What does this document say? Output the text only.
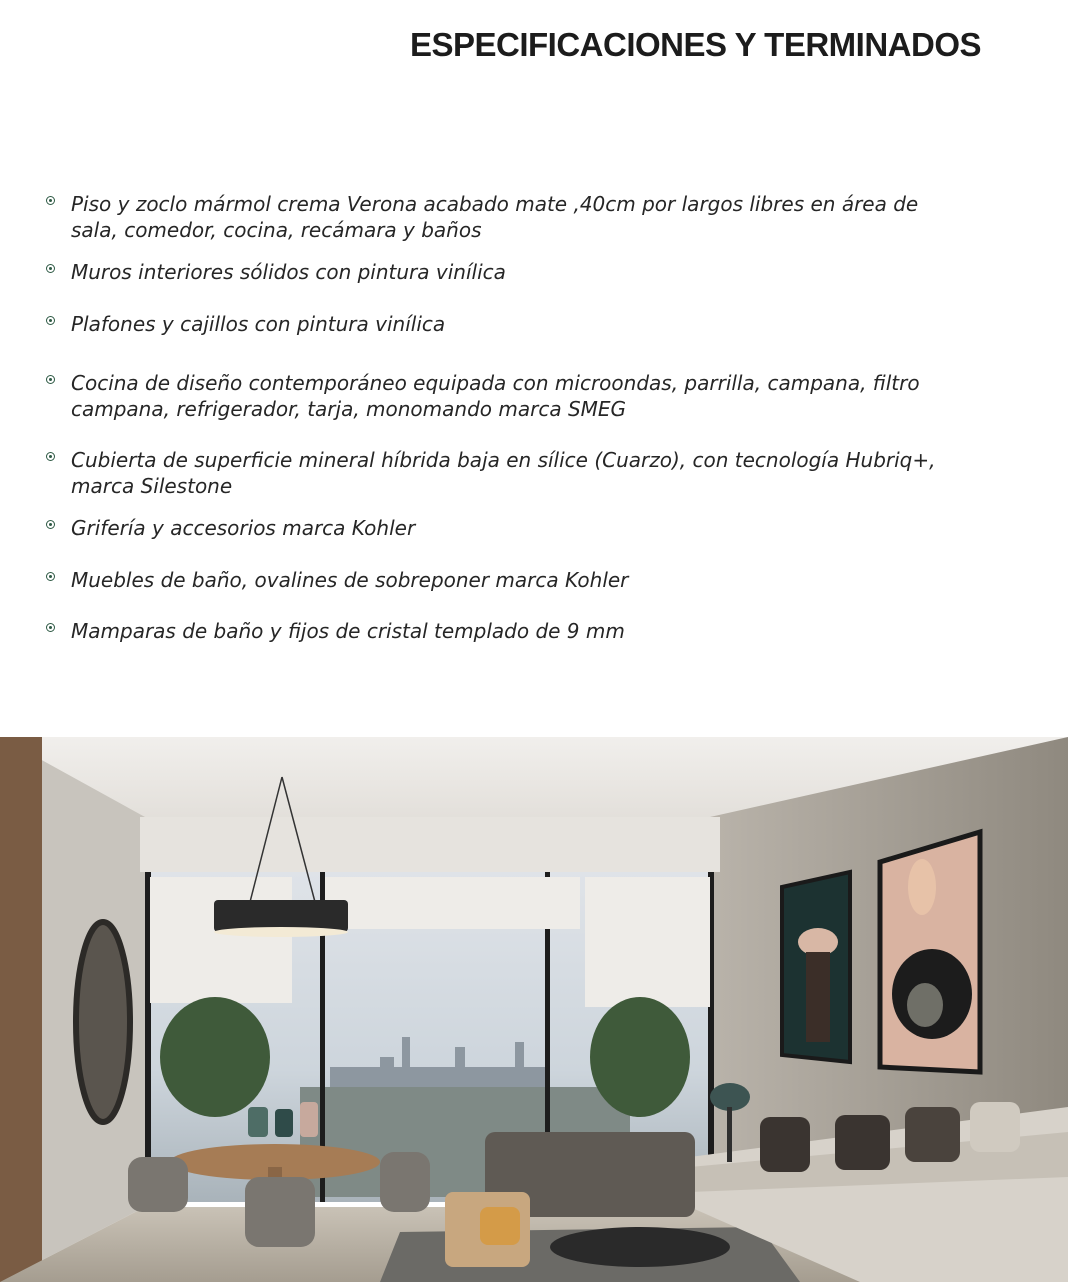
ESPECIFICACIONES Y TERMINADOS
Piso y zoclo mármol crema Verona acabado mate ,40cm por largos libres en área de
sala, comedor, cocina, recámara y baños
Muros interiores sólidos con pintura vinílica
Plafones y cajillos con pintura vinílica
Cocina de diseño contemporáneo equipada con microondas, parrilla, campana, filtro
campana, refrigerador, tarja, monomando marca SMEG
Cubierta de superficie mineral híbrida baja en sílice (Cuarzo), con tecnología Hubriq+,
marca Silestone
Grifería y accesorios marca Kohler
Muebles de baño, ovalines de sobreponer marca Kohler
Mamparas de baño y fijos de cristal templado de 9 mm
